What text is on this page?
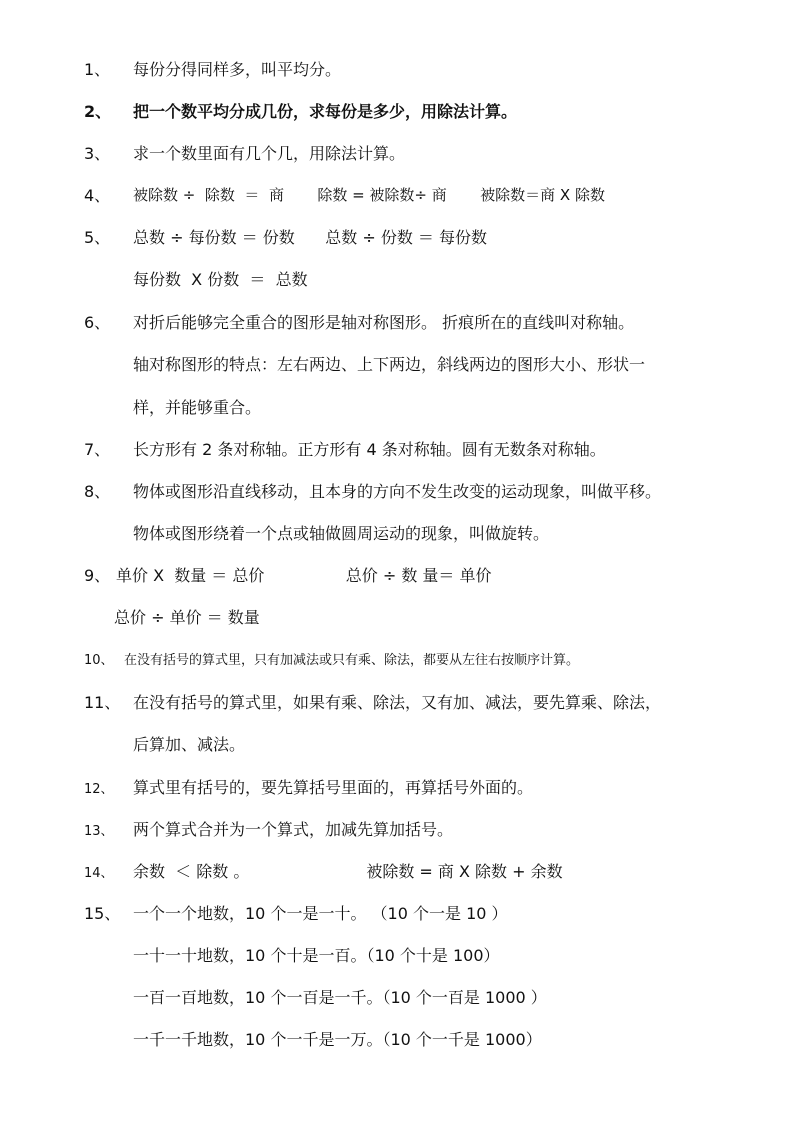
1、 每份分得同样多，叫平均分。
2、 把一个数平均分成几份，求每份是多少，用除法计算。
3、 求一个数里面有几个几，用除法计算。
4、 被除数 ÷  除数  ＝  商       除数 = 被除数÷ 商       被除数＝商 X 除数
5、 总数 ÷ 每份数 ＝ 份数      总数 ÷ 份数 ＝ 每份数
每份数  X 份数  ＝  总数
6、 对折后能够完全重合的图形是轴对称图形。 折痕所在的直线叫对称轴。
轴对称图形的特点：左右两边、上下两边，斜线两边的图形大小、形状一
样，并能够重合。
7、 长方形有 2 条对称轴。正方形有 4 条对称轴。圆有无数条对称轴。
8、 物体或图形沿直线移动，且本身的方向不发生改变的运动现象，叫做平移。
物体或图形绕着一个点或轴做圆周运动的现象，叫做旋转。
9、 单价 X  数量 ＝ 总价                总价 ÷ 数 量＝ 单价
总价 ÷ 单价 ＝ 数量
10、 在没有括号的算式里，只有加减法或只有乘、除法，都要从左往右按顺序计算。
11、 在没有括号的算式里，如果有乘、除法，又有加、减法，要先算乘、除法，
后算加、减法。
12、 算式里有括号的，要先算括号里面的，再算括号外面的。
13、 两个算式合并为一个算式，加减先算加括号。
14、 余数  ＜ 除数 。                       被除数 = 商 X 除数 + 余数
15、 一个一个地数，10 个一是一十。 （10 个一是 10 ）
一十一十地数，10 个十是一百。（10 个十是 100）
一百一百地数，10 个一百是一千。（10 个一百是 1000 ）
一千一千地数，10 个一千是一万。（10 个一千是 1000）
